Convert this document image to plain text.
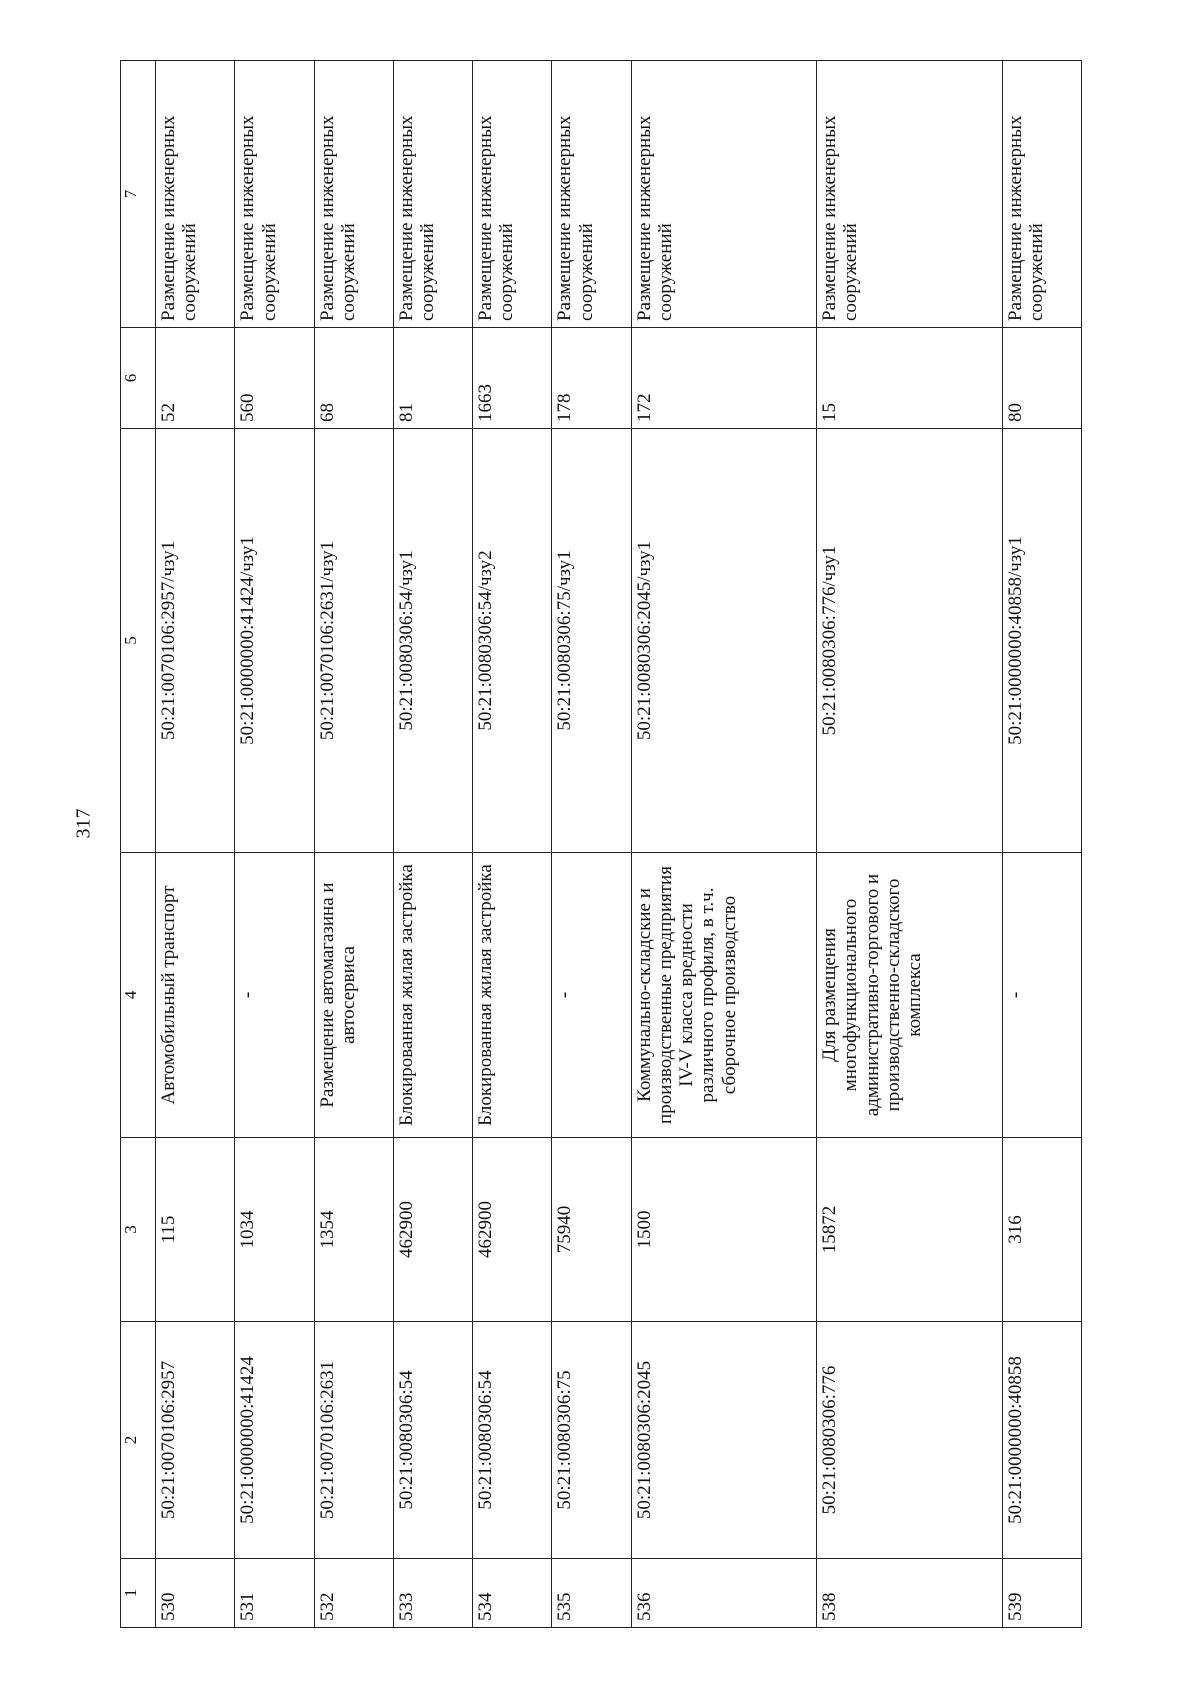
317
1	2	3	4	5	6	7
530	50:21:0070106:2957	115	Автомобильный транспорт	50:21:0070106:2957/чзу1	52	Размещение инженерных сооружений
531	50:21:0000000:41424	1034	-	50:21:0000000:41424/чзу1	560	Размещение инженерных сооружений
532	50:21:0070106:2631	1354	Размещение автомагазина и автосервиса	50:21:0070106:2631/чзу1	68	Размещение инженерных сооружений
533	50:21:0080306:54	462900	Блокированная жилая застройка	50:21:0080306:54/чзу1	81	Размещение инженерных сооружений
534	50:21:0080306:54	462900	Блокированная жилая застройка	50:21:0080306:54/чзу2	1663	Размещение инженерных сооружений
535	50:21:0080306:75	75940	-	50:21:0080306:75/чзу1	178	Размещение инженерных сооружений
536	50:21:0080306:2045	1500	Коммунально-складские и производственные предприятия IV-V класса вредности различного профиля, в т.ч. сборочное производство	50:21:0080306:2045/чзу1	172	Размещение инженерных сооружений
538	50:21:0080306:776	15872	Для размещения многофункционального административно-торгового и производственно-складского комплекса	50:21:0080306:776/чзу1	15	Размещение инженерных сооружений
539	50:21:0000000:40858	316	-	50:21:0000000:40858/чзу1	80	Размещение инженерных сооружений
